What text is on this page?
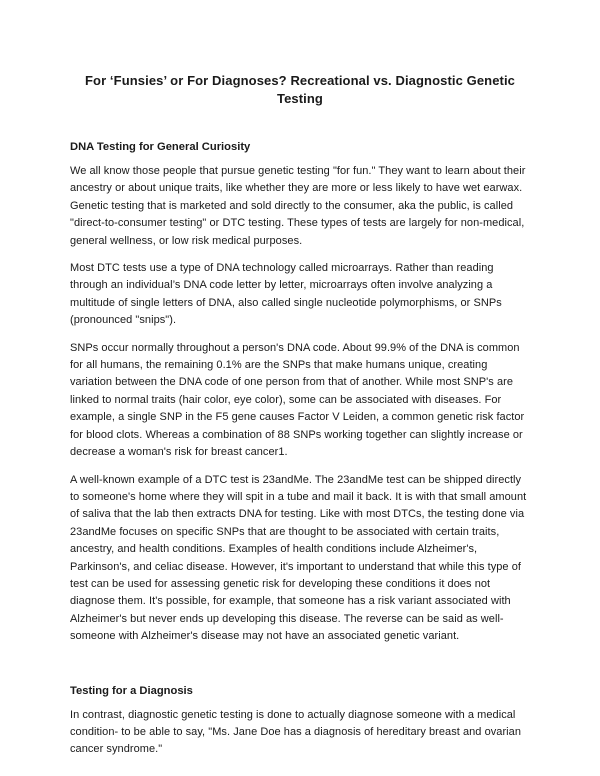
For ‘Funsies’ or For Diagnoses? Recreational vs. Diagnostic Genetic Testing
DNA Testing for General Curiosity

We all know those people that pursue genetic testing "for fun." They want to learn about their ancestry or about unique traits, like whether they are more or less likely to have wet earwax. Genetic testing that is marketed and sold directly to the consumer, aka the public, is called "direct-to-consumer testing" or DTC testing. These types of tests are largely for non-medical, general wellness, or low risk medical purposes.

Most DTC tests use a type of DNA technology called microarrays. Rather than reading through an individual’s DNA code letter by letter, microarrays often involve analyzing a multitude of single letters of DNA, also called single nucleotide polymorphisms, or SNPs (pronounced "snips").

SNPs occur normally throughout a person's DNA code. About 99.9% of the DNA is common for all humans, the remaining 0.1% are the SNPs that make humans unique, creating variation between the DNA code of one person from that of another. While most SNP's are linked to normal traits (hair color, eye color), some can be associated with diseases. For example, a single SNP in the F5 gene causes Factor V Leiden, a common genetic risk factor for blood clots. Whereas a combination of 88 SNPs working together can slightly increase or decrease a woman's risk for breast cancer1.

A well-known example of a DTC test is 23andMe. The 23andMe test can be shipped directly to someone's home where they will spit in a tube and mail it back. It is with that small amount of saliva that the lab then extracts DNA for testing. Like with most DTCs, the testing done via 23andMe focuses on specific SNPs that are thought to be associated with certain traits, ancestry, and health conditions. Examples of health conditions include Alzheimer's, Parkinson's, and celiac disease. However, it's important to understand that while this type of test can be used for assessing genetic risk for developing these conditions it does not diagnose them. It's possible, for example, that someone has a risk variant associated with Alzheimer's but never ends up developing this disease. The reverse can be said as well- someone with Alzheimer's disease may not have an associated genetic variant.

Testing for a Diagnosis

In contrast, diagnostic genetic testing is done to actually diagnose someone with a medical condition- to be able to say, "Ms. Jane Doe has a diagnosis of hereditary breast and ovarian cancer syndrome."
